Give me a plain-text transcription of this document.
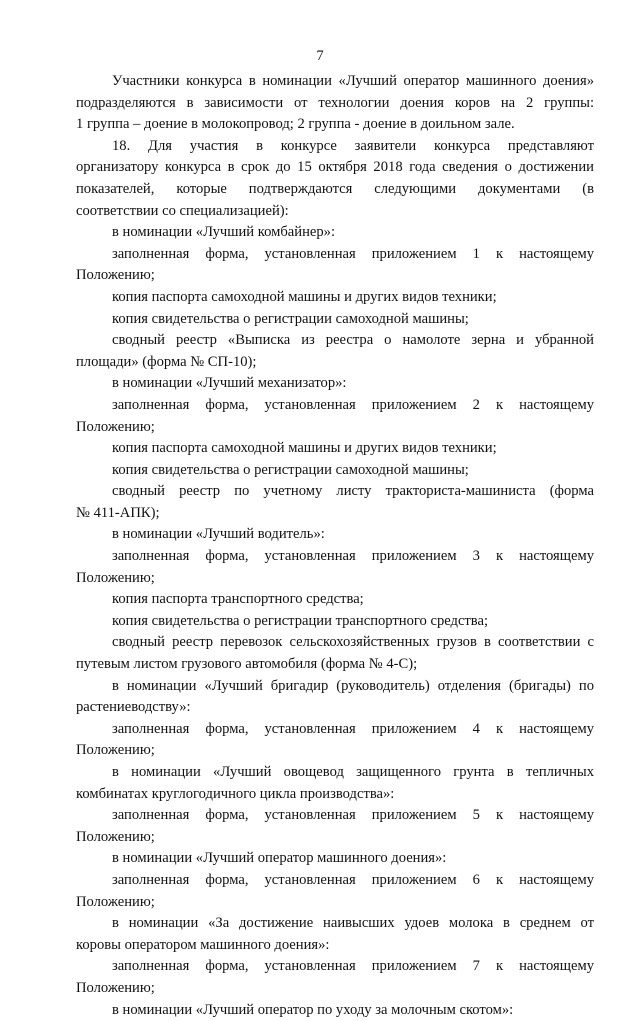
7
Участники конкурса в номинации «Лучший оператор машинного доения»
подразделяются в зависимости от технологии доения коров на 2 группы:
1 группа – доение в молокопровод; 2 группа - доение в доильном зале.
18. Для участия в конкурсе заявители конкурса представляют
организатору конкурса в срок до 15 октября 2018 года сведения о достижении
показателей, которые подтверждаются следующими документами (в
соответствии со специализацией):
в номинации «Лучший комбайнер»:
заполненная форма, установленная приложением 1 к настоящему
Положению;
копия паспорта самоходной машины и других видов техники;
копия свидетельства о регистрации самоходной машины;
сводный реестр «Выписка из реестра о намолоте зерна и убранной
площади» (форма № СП-10);
в номинации «Лучший механизатор»:
заполненная форма, установленная приложением 2 к настоящему
Положению;
копия паспорта самоходной машины и других видов техники;
копия свидетельства о регистрации самоходной машины;
сводный реестр по учетному листу тракториста-машиниста (форма
№ 411-АПК);
в номинации «Лучший водитель»:
заполненная форма, установленная приложением 3 к настоящему
Положению;
копия паспорта транспортного средства;
копия свидетельства о регистрации транспортного средства;
сводный реестр перевозок сельскохозяйственных грузов в соответствии с
путевым листом грузового автомобиля (форма № 4-С);
в номинации «Лучший бригадир (руководитель) отделения (бригады) по
растениеводству»:
заполненная форма, установленная приложением 4 к настоящему
Положению;
в номинации «Лучший овощевод защищенного грунта в тепличных
комбинатах круглогодичного цикла производства»:
заполненная форма, установленная приложением 5 к настоящему
Положению;
в номинации «Лучший оператор машинного доения»:
заполненная форма, установленная приложением 6 к настоящему
Положению;
в номинации «За достижение наивысших удоев молока в среднем от
коровы оператором машинного доения»:
заполненная форма, установленная приложением 7 к настоящему
Положению;
в номинации «Лучший оператор по уходу за молочным скотом»:
